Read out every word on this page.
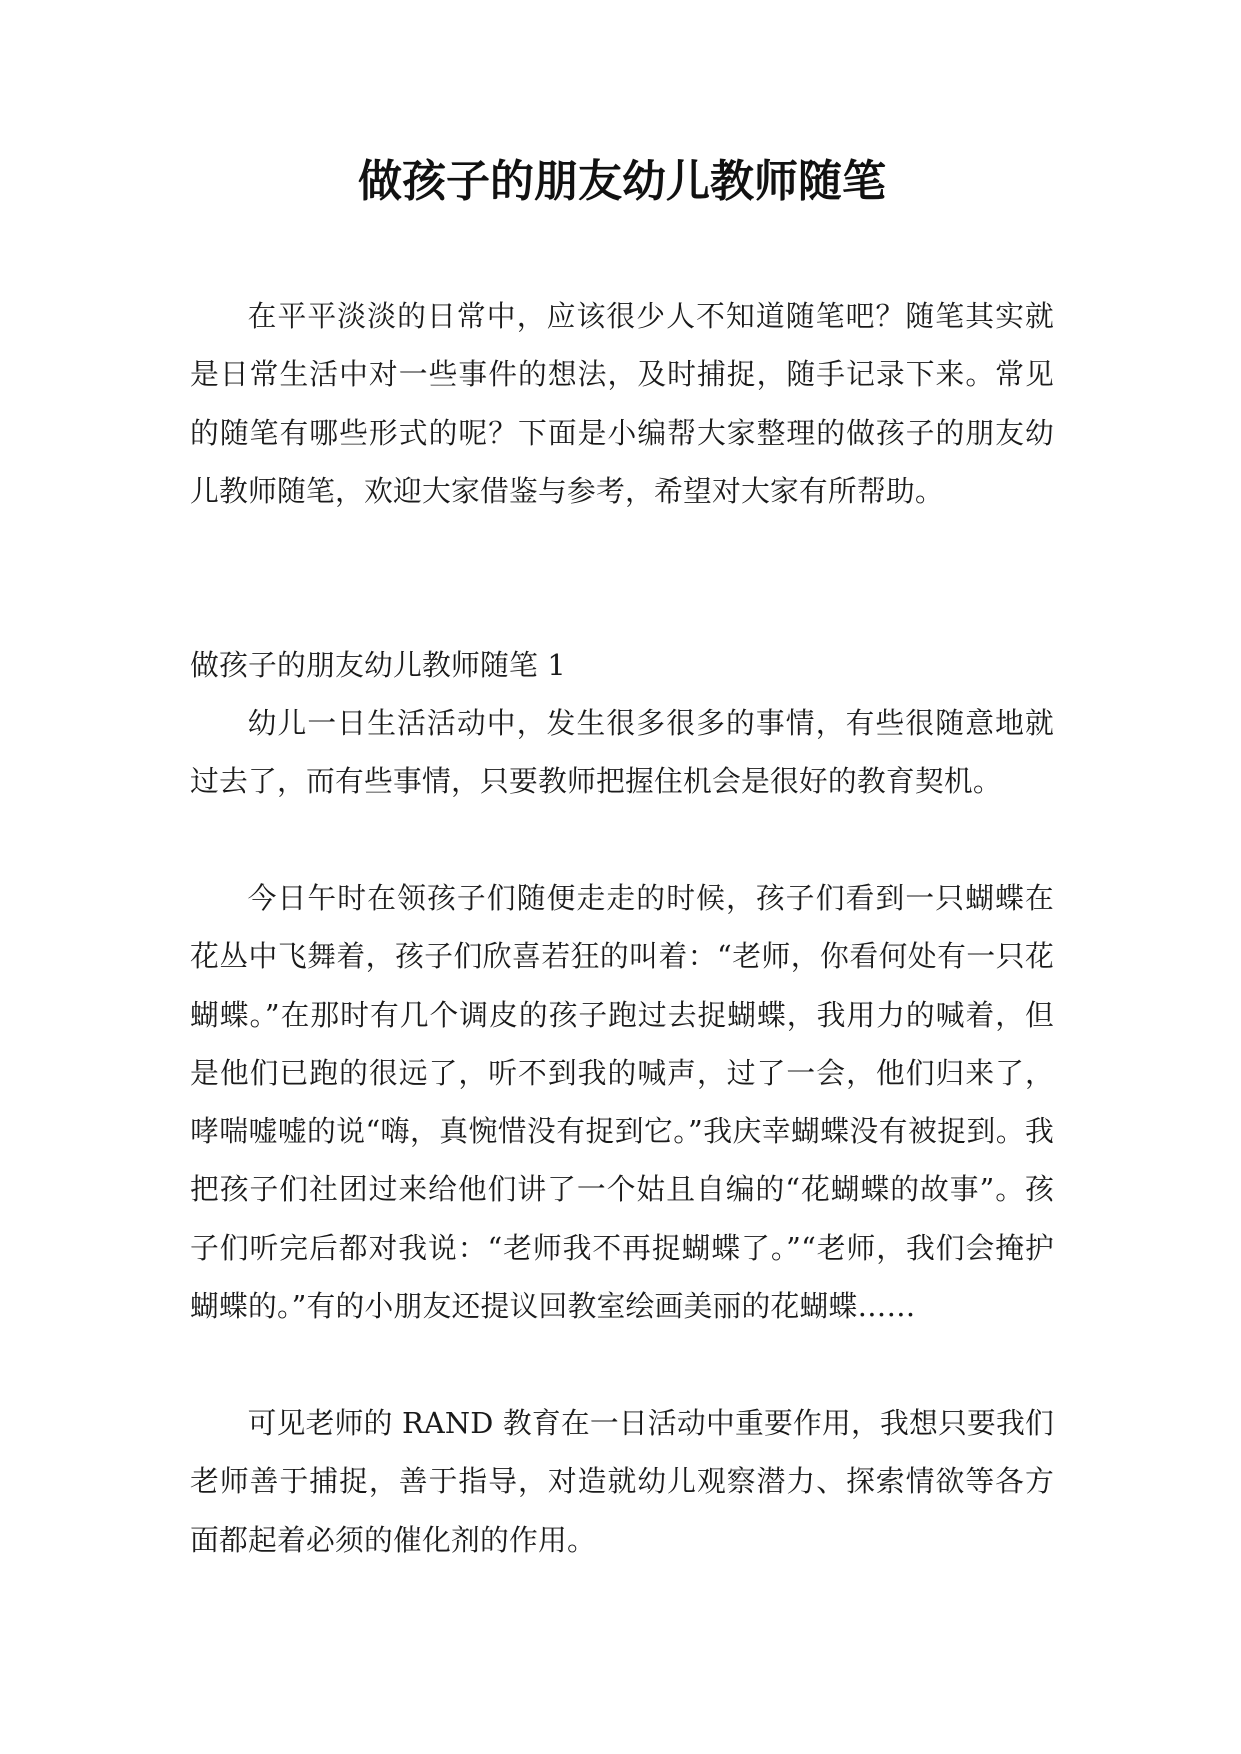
做孩子的朋友幼儿教师随笔

在平平淡淡的日常中，应该很少人不知道随笔吧？随笔其实就是日常生活中对一些事件的想法，及时捕捉，随手记录下来。常见的随笔有哪些形式的呢？下面是小编帮大家整理的做孩子的朋友幼儿教师随笔，欢迎大家借鉴与参考，希望对大家有所帮助。

做孩子的朋友幼儿教师随笔 1

幼儿一日生活活动中，发生很多很多的事情，有些很随意地就过去了，而有些事情，只要教师把握住机会是很好的教育契机。

今日午时在领孩子们随便走走的时候，孩子们看到一只蝴蝶在花丛中飞舞着，孩子们欣喜若狂的叫着：“老师，你看何处有一只花蝴蝶。”在那时有几个调皮的孩子跑过去捉蝴蝶，我用力的喊着，但是他们已跑的很远了，听不到我的喊声，过了一会，他们归来了，哮喘嘘嘘的说“嗨，真惋惜没有捉到它。”我庆幸蝴蝶没有被捉到。我把孩子们社团过来给他们讲了一个姑且自编的“花蝴蝶的故事”。孩子们听完后都对我说：“老师我不再捉蝴蝶了。”“老师，我们会掩护蝴蝶的。”有的小朋友还提议回教室绘画美丽的花蝴蝶……

可见老师的 RAND 教育在一日活动中重要作用，我想只要我们老师善于捕捉，善于指导，对造就幼儿观察潜力、探索情欲等各方面都起着必须的催化剂的作用。
